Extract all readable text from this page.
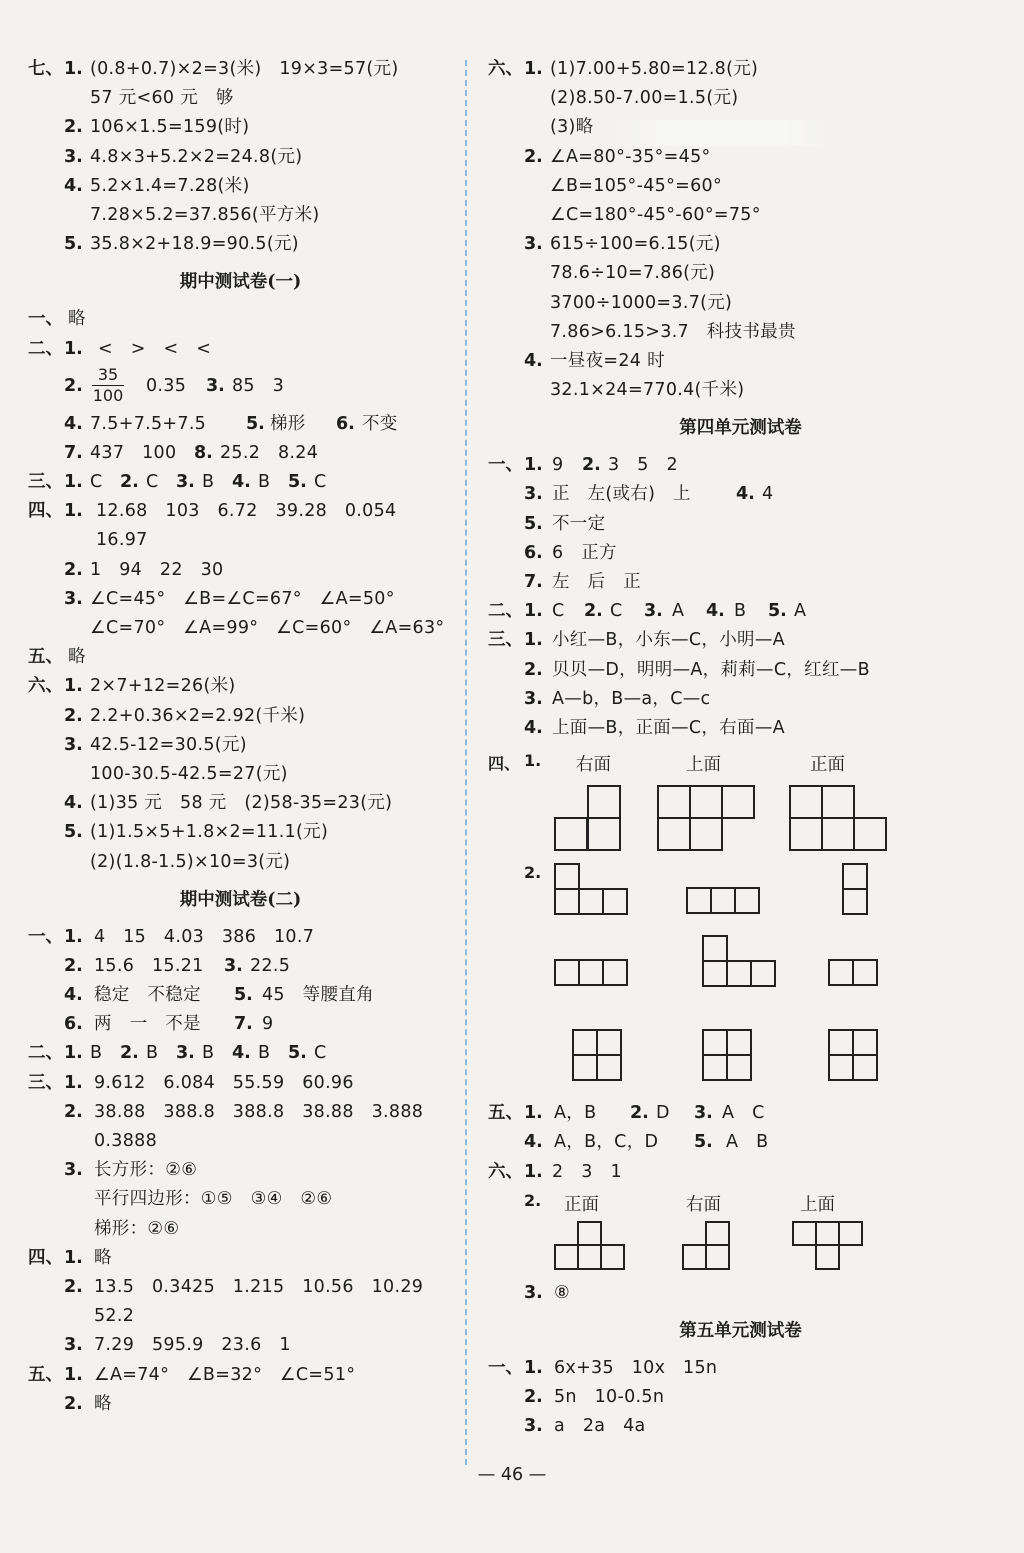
七、 1. (0.8+0.7)×2=3(米)　19×3=57(元)
57 元<60 元　够
2. 106×1.5=159(时)
3. 4.8×3+5.2×2=24.8(元)
4. 5.2×1.4=7.28(米)
7.28×5.2=37.856(平方米)
5. 35.8×2+18.9=90.5(元)
期中测试卷(一)
一、 略
二、 1. <　>　<　<
2.
35
100 0.35 3. 85　3
4. 7.5+7.5+7.5 5. 梯形 6. 不变
7. 437　100 8. 25.2　8.24
三、 1. C 2. C 3. B 4. B 5. C
四、 1. 12.68　103　6.72　39.28　0.054
16.97
2. 1　94　22　30
3. ∠C=45°　∠B=∠C=67°　∠A=50°
∠C=70°　∠A=99°　∠C=60°　∠A=63°
五、 略
六、 1. 2×7+12=26(米)
2. 2.2+0.36×2=2.92(千米)
3. 42.5-12=30.5(元)
100-30.5-42.5=27(元)
4. (1)35 元　58 元　(2)58-35=23(元)
5. (1)1.5×5+1.8×2=11.1(元)
(2)(1.8-1.5)×10=3(元)
期中测试卷(二)
一、 1. 4　15　4.03　386　10.7
2. 15.6　15.21 3. 22.5
4. 稳定　不稳定 5. 45　等腰直角
6. 两　一　不是 7. 9
二、 1. B 2. B 3. B 4. B 5. C
三、 1. 9.612　6.084　55.59　60.96
2. 38.88　388.8　388.8　38.88　3.888
0.3888
3. 长方形：②⑥
平行四边形：①⑤　③④　②⑥
梯形：②⑥
四、 1. 略
2. 13.5　0.3425　1.215　10.56　10.29
52.2
3. 7.29　595.9　23.6　1
五、 1. ∠A=74°　∠B=32°　∠C=51°
2. 略
六、 1. (1)7.00+5.80=12.8(元)
(2)8.50-7.00=1.5(元)
(3)略
2. ∠A=80°-35°=45°
∠B=105°-45°=60°
∠C=180°-45°-60°=75°
3. 615÷100=6.15(元)
78.6÷10=7.86(元)
3700÷1000=3.7(元)
7.86>6.15>3.7　科技书最贵
4. 一昼夜=24 时
32.1×24=770.4(千米)
第四单元测试卷
一、 1. 9 2. 3　5　2
3. 正　左(或右)　上	4. 4
5. 不一定
6. 6　正方
7. 左　后　正
二、 1. C 2. C 3. A 4. B 5. A
三、 1. 小红—B，小东—C，小明—A
2. 贝贝—D，明明—A，莉莉—C，红红—B
3. A—b，B—a，C—c
4. 上面—B，正面—C，右面—A
四、 1. 右面	上面	正面
2.
五、 1. A，B 2. D 3. A　C
4. A，B，C，D 5. A　B
六、 1. 2　3　1
2. 正面	右面	上面
3. ⑧
第五单元测试卷
一、 1. 6x+35　10x　15n
2. 5n　10-0.5n
3. a　2a　4a
— 46 —
